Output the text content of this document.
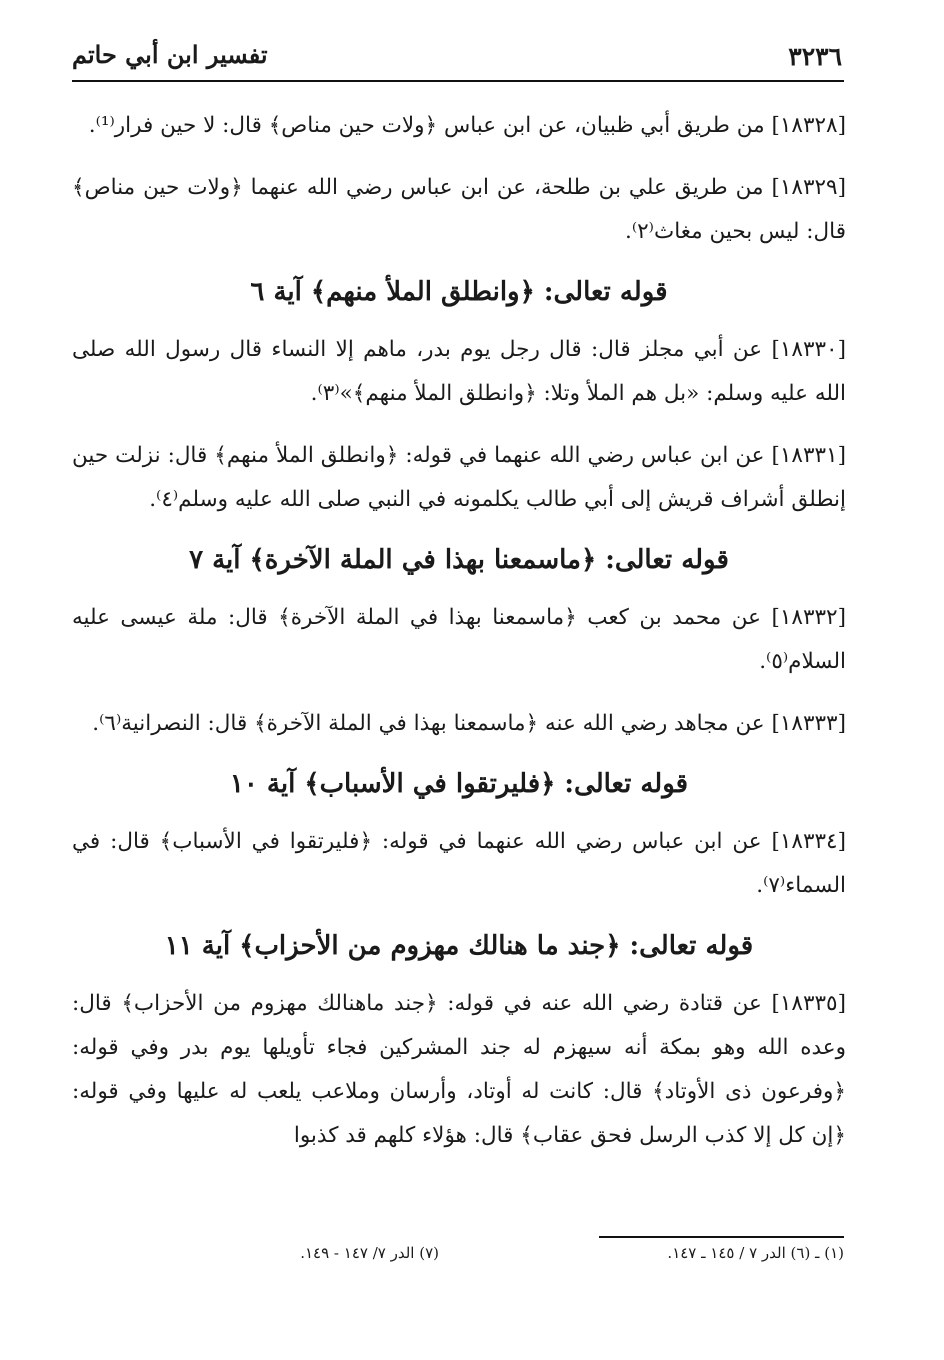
٣٢٣٦
تفسير ابن أبي حاتم

[١٨٣٢٨] من طريق أبي ظبيان، عن ابن عباس ﴿ولات حين مناص﴾ قال: لا حين فرار⁽¹⁾.

[١٨٣٢٩] من طريق علي بن طلحة، عن ابن عباس رضي الله عنهما ﴿ولات حين مناص﴾ قال: ليس بحين مغاث⁽٢⁾.

قوله تعالى: ﴿وانطلق الملأ منهم﴾ آية ٦

[١٨٣٣٠] عن أبي مجلز قال: قال رجل يوم بدر، ماهم إلا النساء قال رسول الله صلى الله عليه وسلم: «بل هم الملأ وتلا: ﴿وانطلق الملأ منهم﴾»⁽٣⁾.

[١٨٣٣١] عن ابن عباس رضي الله عنهما في قوله: ﴿وانطلق الملأ منهم﴾ قال: نزلت حين إنطلق أشراف قريش إلى أبي طالب يكلمونه في النبي صلى الله عليه وسلم⁽٤⁾.

قوله تعالى: ﴿ماسمعنا بهذا في الملة الآخرة﴾ آية ٧

[١٨٣٣٢] عن محمد بن كعب ﴿ماسمعنا بهذا في الملة الآخرة﴾ قال: ملة عيسى عليه السلام⁽٥⁾.

[١٨٣٣٣] عن مجاهد رضي الله عنه ﴿ماسمعنا بهذا في الملة الآخرة﴾ قال: النصرانية⁽٦⁾.

قوله تعالى: ﴿فليرتقوا في الأسباب﴾ آية ١٠

[١٨٣٣٤] عن ابن عباس رضي الله عنهما في قوله: ﴿فليرتقوا في الأسباب﴾ قال: في السماء⁽٧⁾.

قوله تعالى: ﴿جند ما هنالك مهزوم من الأحزاب﴾ آية ١١

[١٨٣٣٥] عن قتادة رضي الله عنه في قوله: ﴿جند ماهنالك مهزوم من الأحزاب﴾ قال: وعده الله وهو بمكة أنه سيهزم له جند المشركين فجاء تأويلها يوم بدر وفي قوله: ﴿وفرعون ذى الأوتاد﴾ قال: كانت له أوتاد، وأرسان وملاعب يلعب له عليها وفي قوله: ﴿إن كل إلا كذب الرسل فحق عقاب﴾ قال: هؤلاء كلهم قد كذبوا

(١) ـ (٦) الدر ٧ / ١٤٥ ـ ١٤٧.
(٧) الدر ٧/ ١٤٧ - ١٤٩.
